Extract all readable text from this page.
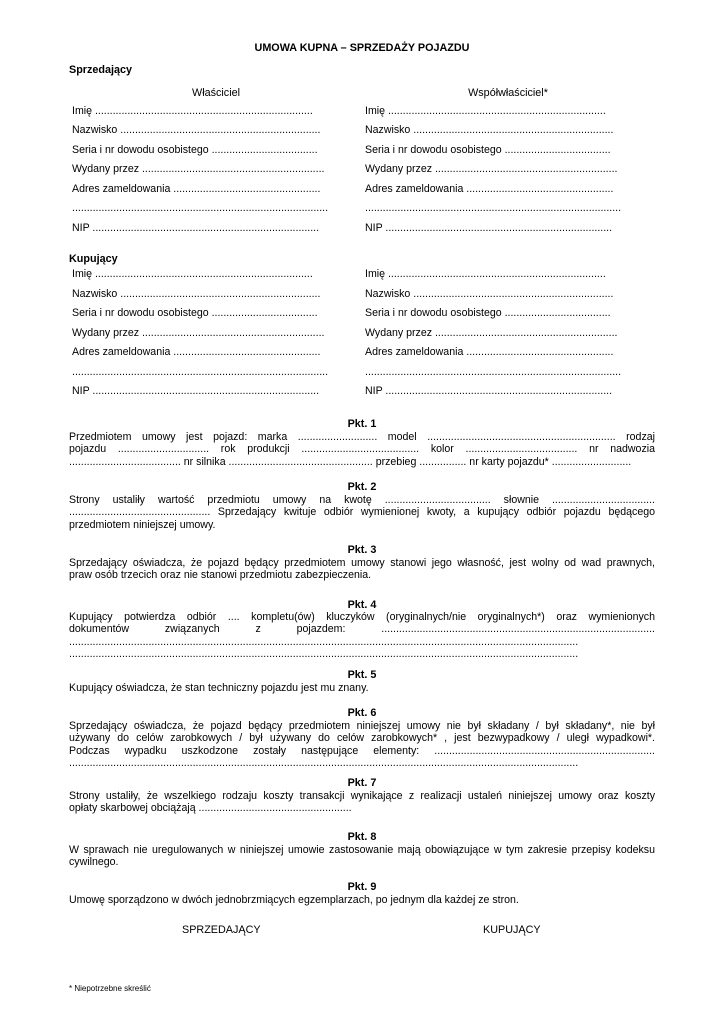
UMOWA KUPNA – SPRZEDAŻY POJAZDU
Sprzedający
Właściciel	Współwłaściciel*
Imię ..........................................................................
Nazwisko ....................................................................
Seria i nr dowodu osobistego ....................................
Wydany przez ..............................................................
Adres zameldowania ..................................................
.......................................................................................
NIP .............................................................................
Imię ..........................................................................
Nazwisko ....................................................................
Seria i nr dowodu osobistego ....................................
Wydany przez ..............................................................
Adres zameldowania ..................................................
.......................................................................................
NIP .............................................................................
Kupujący
Imię ..........................................................................
Nazwisko ....................................................................
Seria i nr dowodu osobistego ....................................
Wydany przez ..............................................................
Adres zameldowania ..................................................
.......................................................................................
NIP .............................................................................
Imię ..........................................................................
Nazwisko ....................................................................
Seria i nr dowodu osobistego ....................................
Wydany przez ..............................................................
Adres zameldowania ..................................................
.......................................................................................
NIP .............................................................................
Pkt. 1
Przedmiotem umowy jest pojazd: marka ........................... model ................................................................ rodzaj
pojazdu ............................... rok produkcji ........................................ kolor ...................................... nr nadwozia
...................................... nr silnika ................................................. przebieg ................ nr karty pojazdu* ...........................
Pkt. 2
Strony ustaliły wartość przedmiotu umowy na kwotę .................................... słownie ...................................
................................................ Sprzedający kwituje odbiór wymienionej kwoty, a kupujący odbiór pojazdu będącego
przedmiotem niniejszej umowy.
Pkt. 3
Sprzedający oświadcza, że pojazd będący przedmiotem umowy stanowi jego własność, jest wolny od wad prawnych,
praw osób trzecich oraz nie stanowi przedmiotu zabezpieczenia.
Pkt. 4
Kupujący potwierdza odbiór .... kompletu(ów) kluczyków (oryginalnych/nie oryginalnych*) oraz wymienionych
dokumentów związanych z pojazdem: .............................................................................................
.............................................................................................................................................................................
.............................................................................................................................................................................
Pkt. 5
Kupujący oświadcza, że stan techniczny pojazdu jest mu znany.
Pkt. 6
Sprzedający oświadcza, że pojazd będący przedmiotem niniejszej umowy nie był składany / był składany*, nie był
używany do celów zarobkowych / był używany do celów zarobkowych* , jest bezwypadkowy / uległ wypadkowi*.
Podczas wypadku uszkodzone zostały następujące elementy: ...........................................................................
.............................................................................................................................................................................
Pkt. 7
Strony ustaliły, że wszelkiego rodzaju koszty transakcji wynikające z realizacji ustaleń niniejszej umowy oraz koszty
opłaty skarbowej obciążają ....................................................
Pkt. 8
W sprawach nie uregulowanych w niniejszej umowie zastosowanie mają obowiązujące w tym zakresie przepisy kodeksu
cywilnego.
Pkt. 9
Umowę sporządzono w dwóch jednobrzmiących egzemplarzach, po jednym dla każdej ze stron.
SPRZEDAJĄCY	KUPUJĄCY
* Niepotrzebne skreślić
